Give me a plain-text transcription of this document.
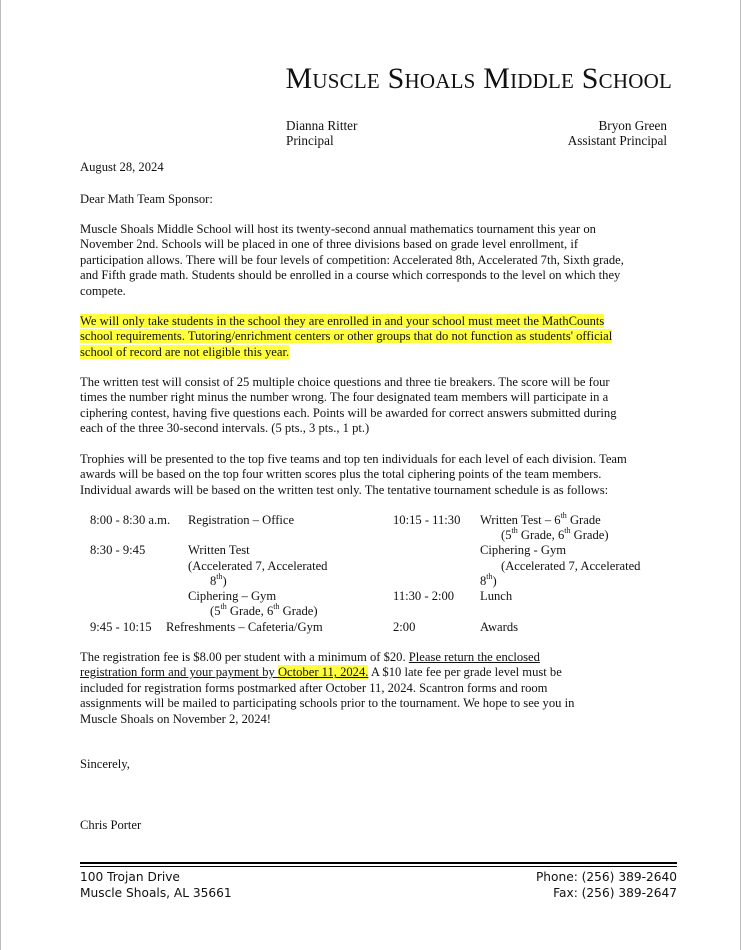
Muscle Shoals Middle School
Dianna Ritter
Principal
Bryon Green
Assistant Principal
August 28, 2024
Dear Math Team Sponsor:
Muscle Shoals Middle School will host its twenty-second annual mathematics tournament this year on
November 2nd. Schools will be placed in one of three divisions based on grade level enrollment, if
participation allows. There will be four levels of competition: Accelerated 8th, Accelerated 7th, Sixth grade,
and Fifth grade math. Students should be enrolled in a course which corresponds to the level on which they
compete.
We will only take students in the school they are enrolled in and your school must meet the MathCounts
school requirements. Tutoring/enrichment centers or other groups that do not function as students' official
school of record are not eligible this year.
The written test will consist of 25 multiple choice questions and three tie breakers. The score will be four
times the number right minus the number wrong. The four designated team members will participate in a
ciphering contest, having five questions each. Points will be awarded for correct answers submitted during
each of the three 30-second intervals. (5 pts., 3 pts., 1 pt.)
Trophies will be presented to the top five teams and top ten individuals for each level of each division. Team
awards will be based on the top four written scores plus the total ciphering points of the team members.
Individual awards will be based on the written test only. The tentative tournament schedule is as follows:
8:00 - 8:30 a.m. Registration – Office
8:30 - 9:45	Written Test
(Accelerated 7, Accelerated
8th)
Ciphering – Gym
(5th Grade, 6th Grade)
9:45 - 10:15 Refreshments – Cafeteria/Gym
10:15 - 11:30 Written Test – 6th Grade
(5th Grade, 6th Grade)
Ciphering - Gym
(Accelerated 7, Accelerated
8th)
11:30 - 2:00 Lunch
2:00	Awards
The registration fee is $8.00 per student with a minimum of $20. Please return the enclosed
registration form and your payment by October 11, 2024. A $10 late fee per grade level must be
included for registration forms postmarked after October 11, 2024. Scantron forms and room
assignments will be mailed to participating schools prior to the tournament. We hope to see you in
Muscle Shoals on November 2, 2024!
Sincerely,
Chris Porter
100 Trojan Drive
Muscle Shoals, AL 35661
Phone: (256) 389-2640
Fax: (256) 389-2647
